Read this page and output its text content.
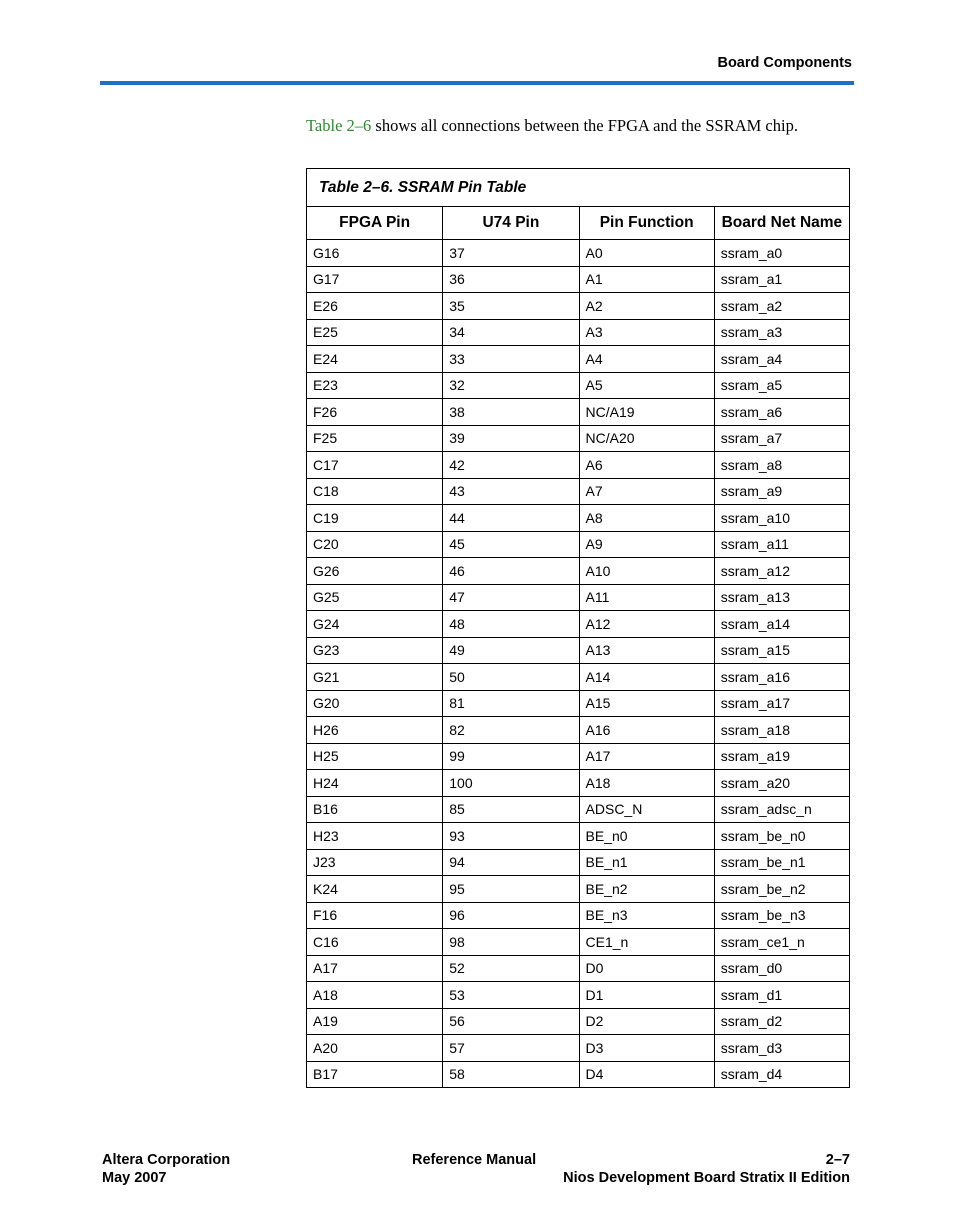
Board Components
Table 2–6 shows all connections between the FPGA and the SSRAM chip.
Table 2–6. SSRAM Pin Table			
FPGA Pin	U74 Pin	Pin Function	Board Net Name
G16	37	A0	ssram_a0
G17	36	A1	ssram_a1
E26	35	A2	ssram_a2
E25	34	A3	ssram_a3
E24	33	A4	ssram_a4
E23	32	A5	ssram_a5
F26	38	NC/A19	ssram_a6
F25	39	NC/A20	ssram_a7
C17	42	A6	ssram_a8
C18	43	A7	ssram_a9
C19	44	A8	ssram_a10
C20	45	A9	ssram_a11
G26	46	A10	ssram_a12
G25	47	A11	ssram_a13
G24	48	A12	ssram_a14
G23	49	A13	ssram_a15
G21	50	A14	ssram_a16
G20	81	A15	ssram_a17
H26	82	A16	ssram_a18
H25	99	A17	ssram_a19
H24	100	A18	ssram_a20
B16	85	ADSC_N	ssram_adsc_n
H23	93	BE_n0	ssram_be_n0
J23	94	BE_n1	ssram_be_n1
K24	95	BE_n2	ssram_be_n2
F16	96	BE_n3	ssram_be_n3
C16	98	CE1_n	ssram_ce1_n
A17	52	D0	ssram_d0
A18	53	D1	ssram_d1
A19	56	D2	ssram_d2
A20	57	D3	ssram_d3
B17	58	D4	ssram_d4
Altera Corporation
May 2007
Reference Manual	2–7
Nios Development Board Stratix II Edition
